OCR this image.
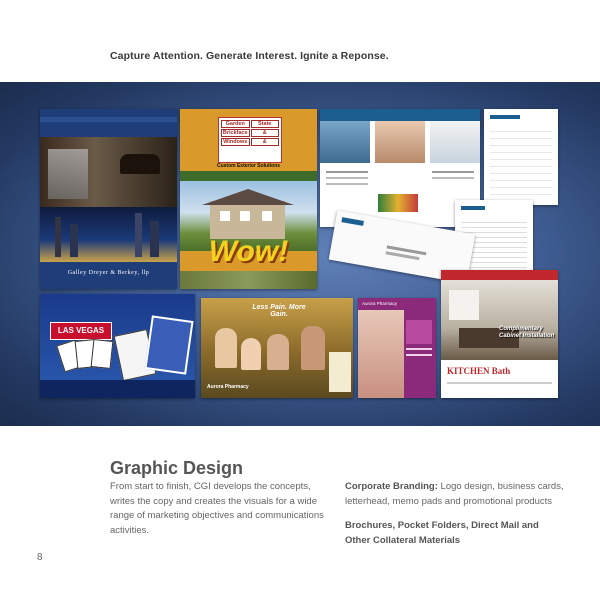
Capture Attention. Generate Interest. Ignite a Reponse.
Galley Dreyer & Berkey, llp
Garden	State
Brickface	&
Windows	&
Custom Exterior Solutions
Wow!
LAS VEGAS
Less Pain. More Gain.
Aurora Pharmacy
Aurora Pharmacy
Complimentary Cabinet Installation
KITCHEN Bath
Graphic Design
From start to finish, CGI develops the concepts, writes the copy and creates the visuals for a wide range of marketing objectives and communications activities.
Corporate Branding: Logo design, business cards, letterhead, memo pads and promotional products
Brochures, Pocket Folders, Direct Mail and Other Collateral Materials
8
